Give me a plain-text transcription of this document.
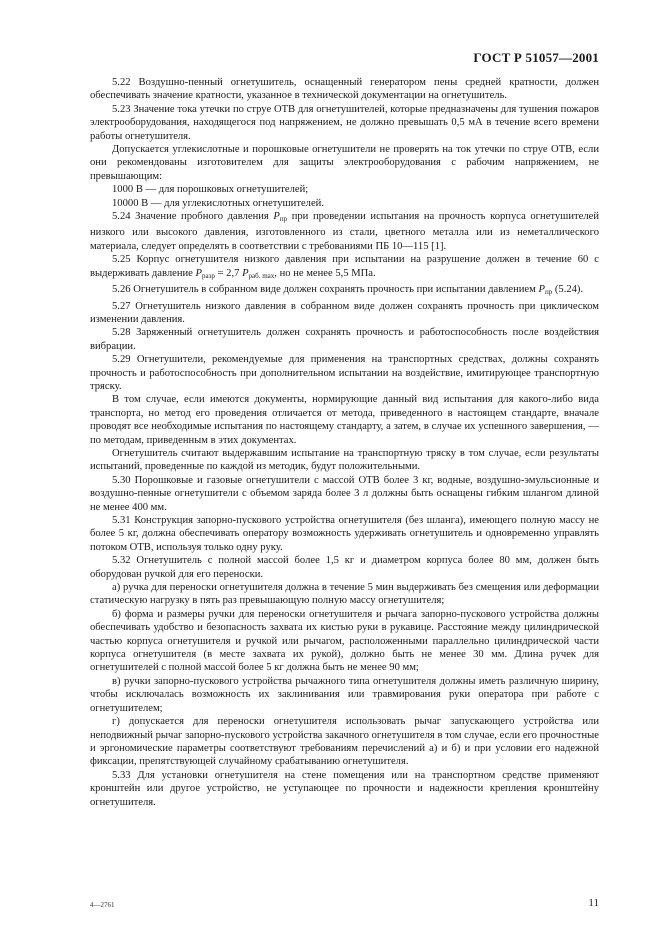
ГОСТ Р 51057—2001

5.22 Воздушно-пенный огнетушитель, оснащенный генератором пены средней кратности, должен обеспечивать значение кратности, указанное в технической документации на огнетушитель.

5.23 Значение тока утечки по струе ОТВ для огнетушителей, которые предназначены для тушения пожаров электрооборудования, находящегося под напряжением, не должно превышать 0,5 мА в течение всего времени работы огнетушителя.

Допускается углекислотные и порошковые огнетушители не проверять на ток утечки по струе ОТВ, если они рекомендованы изготовителем для защиты электрооборудования с рабочим напряжением, не превышающим:

1000 В — для порошковых огнетушителей;

10000 В — для углекислотных огнетушителей.

5.24 Значение пробного давления $P_{пр}$ при проведении испытания на прочность корпуса огнетушителей низкого или высокого давления, изготовленного из стали, цветного металла или из неметаллического материала, следует определять в соответствии с требованиями ПБ 10—115 [1].

5.25 Корпус огнетушителя низкого давления при испытании на разрушение должен в течение 60 с выдерживать давление $P_{разр} = 2,7$ $P_{раб. max}$, но не менее 5,5 МПа.

5.26 Огнетушитель в собранном виде должен сохранять прочность при испытании давлением $P_{пр}$ (5.24).

5.27 Огнетушитель низкого давления в собранном виде должен сохранять прочность при циклическом изменении давления.

5.28 Заряженный огнетушитель должен сохранять прочность и работоспособность после воздействия вибрации.

5.29 Огнетушители, рекомендуемые для применения на транспортных средствах, должны сохранять прочность и работоспособность при дополнительном испытании на воздействие, имитирующее транспортную тряску.

В том случае, если имеются документы, нормирующие данный вид испытания для какого-либо вида транспорта, но метод его проведения отличается от метода, приведенного в настоящем стандарте, вначале проводят все необходимые испытания по настоящему стандарту, а затем, в случае их успешного завершения, — по методам, приведенным в этих документах.

Огнетушитель считают выдержавшим испытание на транспортную тряску в том случае, если результаты испытаний, проведенные по каждой из методик, будут положительными.

5.30 Порошковые и газовые огнетушители с массой ОТВ более 3 кг, водные, воздушно-эмульсионные и воздушно-пенные огнетушители с объемом заряда более 3 л должны быть оснащены гибким шлангом длиной не менее 400 мм.

5.31 Конструкция запорно-пускового устройства огнетушителя (без шланга), имеющего полную массу не более 5 кг, должна обеспечивать оператору возможность удерживать огнетушитель и одновременно управлять потоком ОТВ, используя только одну руку.

5.32 Огнетушитель с полной массой более 1,5 кг и диаметром корпуса более 80 мм, должен быть оборудован ручкой для его переноски.

а) ручка для переноски огнетушителя должна в течение 5 мин выдерживать без смещения или деформации статическую нагрузку в пять раз превышающую полную массу огнетушителя;

б) форма и размеры ручки для переноски огнетушителя и рычага запорно-пускового устройства должны обеспечивать удобство и безопасность захвата их кистью руки в рукавице. Расстояние между цилиндрической частью корпуса огнетушителя и ручкой или рычагом, расположенными параллельно цилиндрической части корпуса огнетушителя (в месте захвата их рукой), должно быть не менее 30 мм. Длина ручек для огнетушителей с полной массой более 5 кг должна быть не менее 90 мм;

в) ручки запорно-пускового устройства рычажного типа огнетушителя должны иметь различную ширину, чтобы исключалась возможность их заклинивания или травмирования руки оператора при работе с огнетушителем;

г) допускается для переноски огнетушителя использовать рычаг запускающего устройства или неподвижный рычаг запорно-пускового устройства закачного огнетушителя в том случае, если его прочностные и эргономические параметры соответствуют требованиям перечислений а) и б) и при условии его надежной фиксации, препятствующей случайному срабатыванию огнетушителя.

5.33 Для установки огнетушителя на стене помещения или на транспортном средстве применяют кронштейн или другое устройство, не уступающее по прочности и надежности крепления кронштейну огнетушителя.

4—2761	11
